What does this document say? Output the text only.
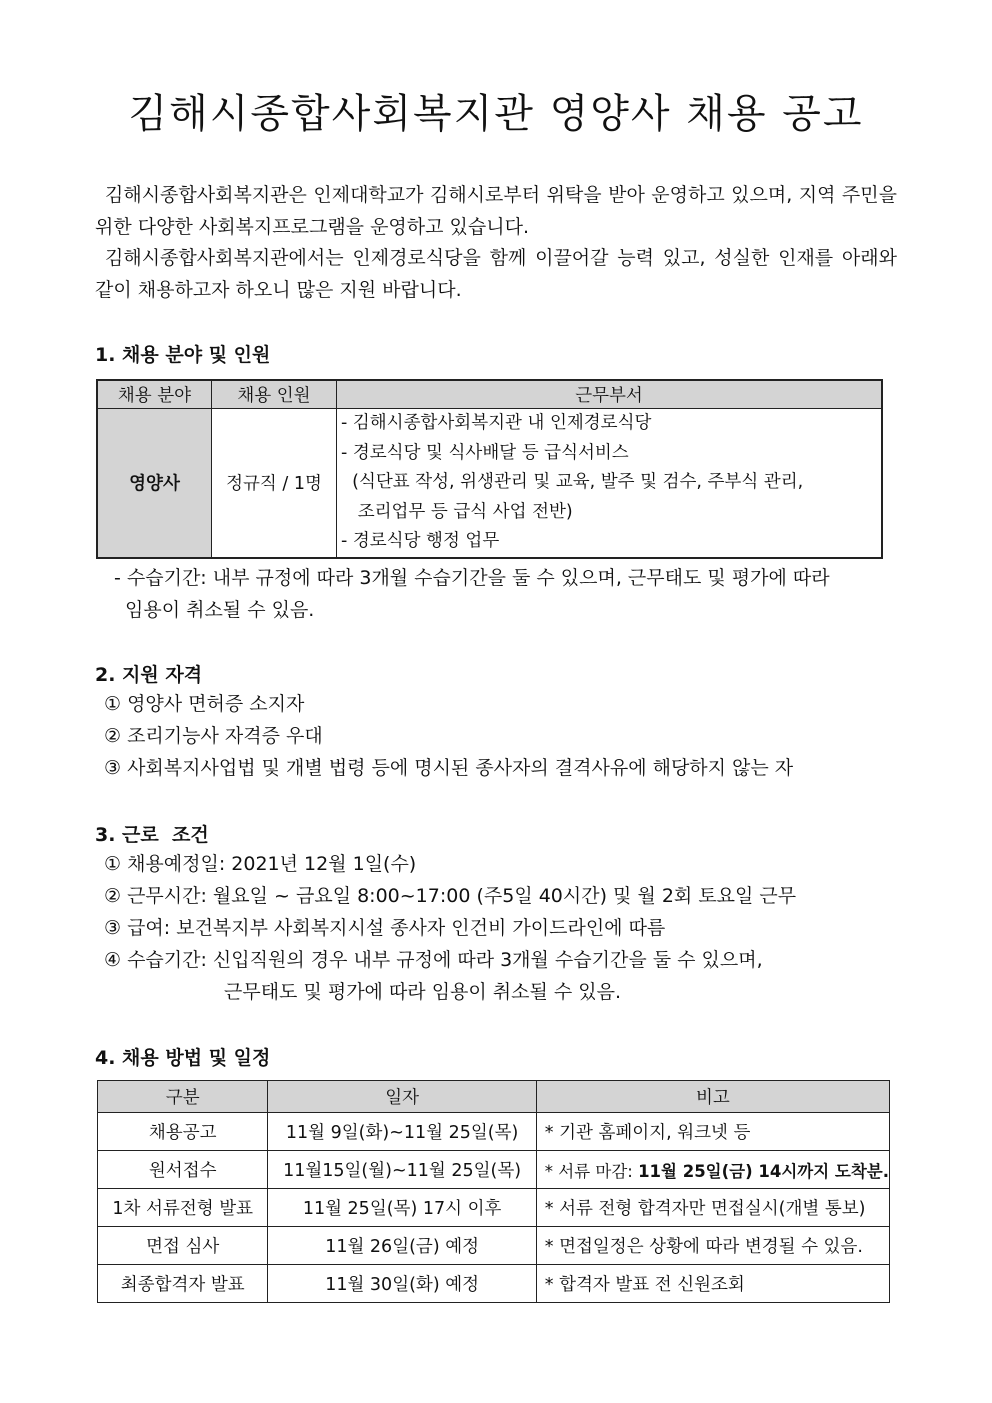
김해시종합사회복지관 영양사 채용 공고

김해시종합사회복지관은 인제대학교가 김해시로부터 위탁을 받아 운영하고 있으며, 지역 주민을 위한 다양한 사회복지프로그램을 운영하고 있습니다.

김해시종합사회복지관에서는 인제경로식당을 함께 이끌어갈 능력 있고, 성실한 인재를 아래와 같이 채용하고자 하오니 많은 지원 바랍니다.

1. 채용 분야 및 인원
채용 분야	채용 인원	근무부서
영양사	정규직 / 1명	- 김해시종합사회복지관 내 인제경로식당
- 경로식당 및 식사배달 등 급식서비스
(식단표 작성, 위생관리 및 교육, 발주 및 검수, 주부식 관리,
조리업무 등 급식 사업 전반)
- 경로식당 행정 업무
- 수습기간: 내부 규정에 따라 3개월 수습기간을 둘 수 있으며, 근무태도 및 평가에 따라
임용이 취소될 수 있음.
2. 지원 자격
① 영양사 면허증 소지자
② 조리기능사 자격증 우대
③ 사회복지사업법 및 개별 법령 등에 명시된 종사자의 결격사유에 해당하지 않는 자
3. 근로  조건
① 채용예정일: 2021년 12월 1일(수)
② 근무시간: 월요일 ~ 금요일 8:00~17:00 (주5일 40시간) 및 월 2회 토요일 근무
③ 급여: 보건복지부 사회복지시설 종사자 인건비 가이드라인에 따름
④ 수습기간: 신입직원의 경우 내부 규정에 따라 3개월 수습기간을 둘 수 있으며,
근무태도 및 평가에 따라 임용이 취소될 수 있음.
4. 채용 방법 및 일정
구분	일자	비고
채용공고	11월 9일(화)~11월 25일(목)	* 기관 홈페이지, 워크넷 등
원서접수	11월15일(월)~11월 25일(목)	* 서류 마감: 11월 25일(금) 14시까지 도착분.
1차 서류전형 발표	11월 25일(목) 17시 이후	* 서류 전형 합격자만 면접실시(개별 통보)
면접 심사	11월 26일(금) 예정	* 면접일정은 상황에 따라 변경될 수 있음.
최종합격자 발표	11월 30일(화) 예정	* 합격자 발표 전 신원조회
